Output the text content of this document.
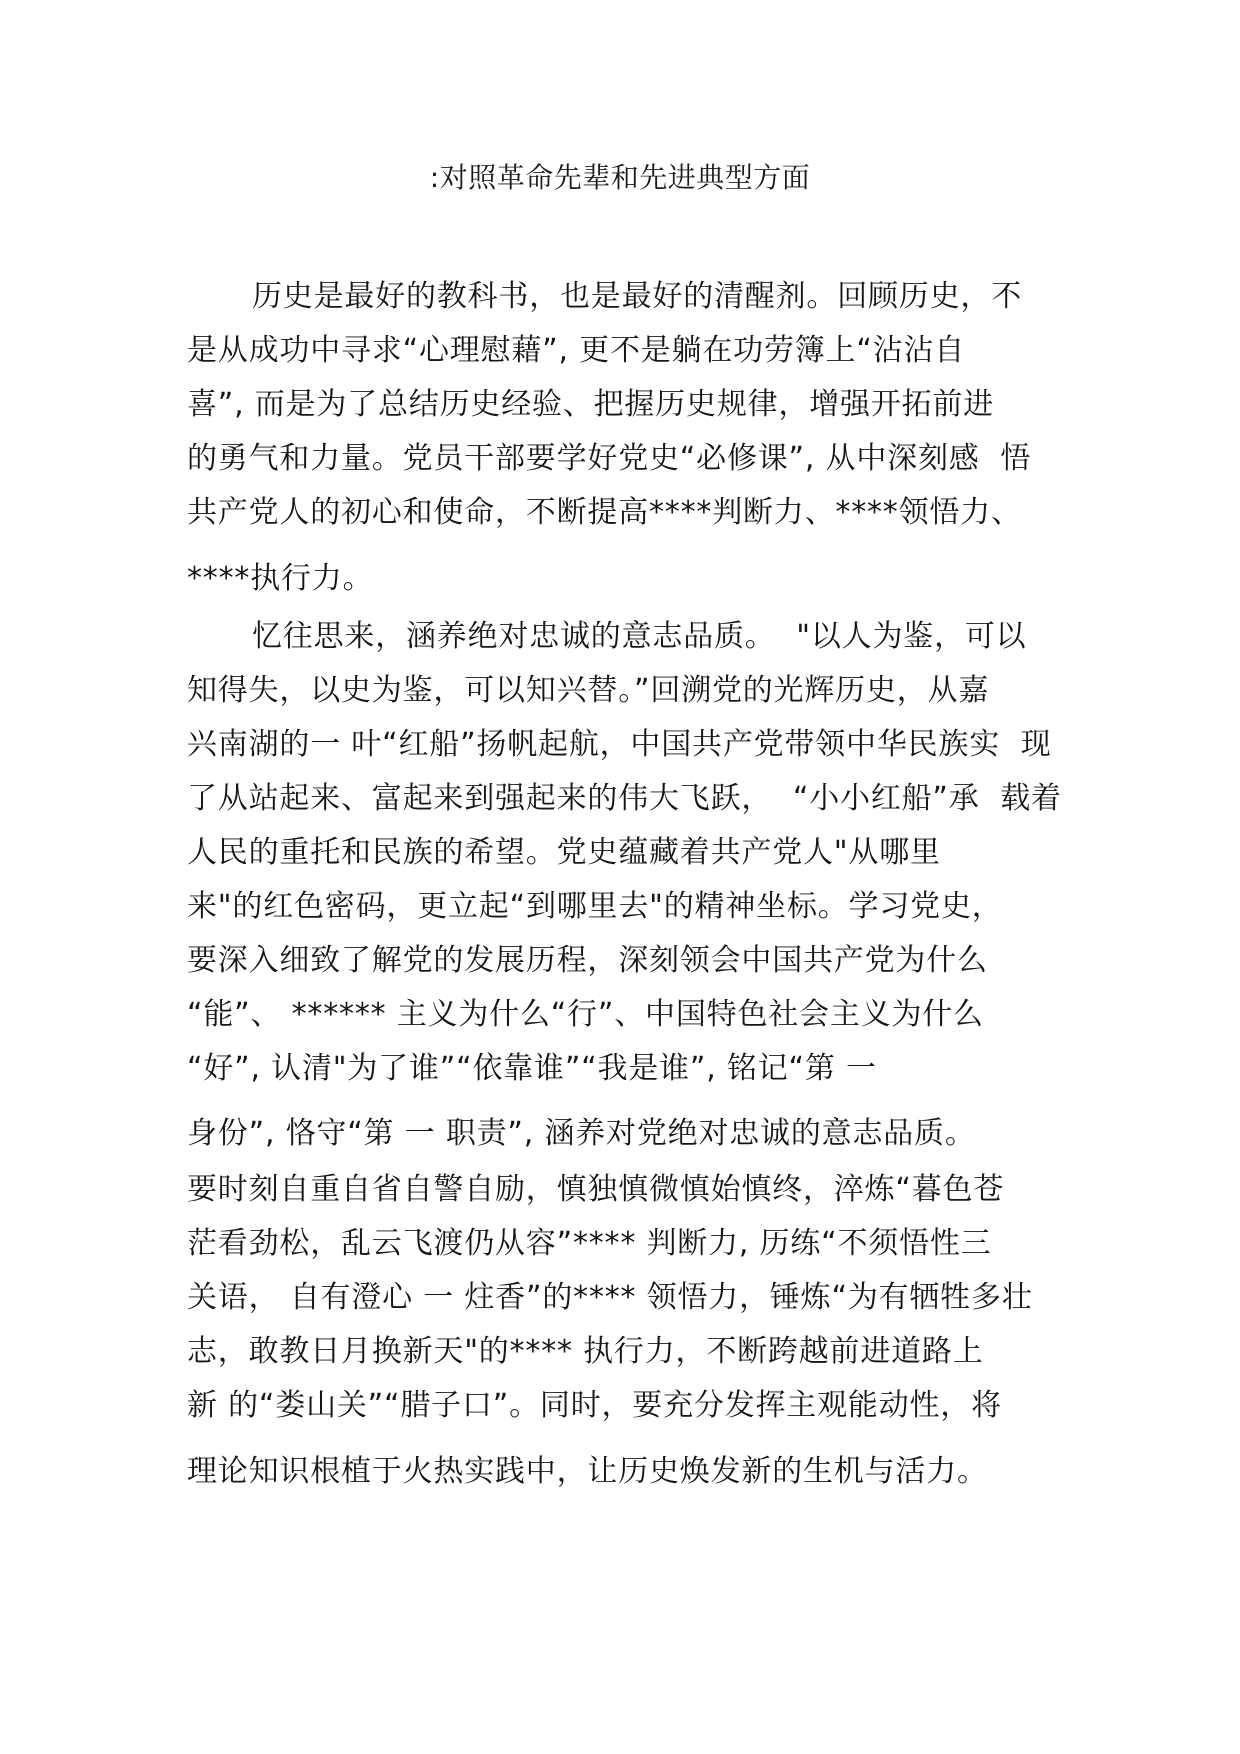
:对照革命先辈和先进典型方面
历史是最好的教科书，也是最好的清醒剂。回顾历史，不
是从成功中寻求“心理慰藉”, 更不是躺在功劳簿上“沾沾自
喜”, 而是为了总结历史经验、把握历史规律，增强开拓前进
的勇气和力量。党员干部要学好党史“必修课”, 从中深刻感  悟
共产党人的初心和使命，不断提高****判断力、****领悟力、
****执行力。
忆往思来，涵养绝对忠诚的意志品质。  "以人为鉴，可以
知得失，以史为鉴，可以知兴替。”回溯党的光辉历史，从嘉
兴南湖的一 叶“红船”扬帆起航，中国共产党带领中华民族实  现
了从站起来、富起来到强起来的伟大飞跃，  “小小红船”承  载着
人民的重托和民族的希望。党史蕴藏着共产党人"从哪里
来"的红色密码，更立起“到哪里去"的精神坐标。学习党史，
要深入细致了解党的发展历程，深刻领会中国共产党为什么
“能”、 ****** 主义为什么“行”、中国特色社会主义为什么
“好”, 认清"为了谁”“依靠谁”“我是谁”, 铭记“第 一
身份”, 恪守“第 一 职责”, 涵养对党绝对忠诚的意志品质。
要时刻自重自省自警自励，慎独慎微慎始慎终，淬炼“暮色苍
茫看劲松，乱云飞渡仍从容”**** 判断力, 历练“不须悟性三
关语， 自有澄心 一 炷香”的**** 领悟力，锤炼“为有牺牲多壮
志，敢教日月换新天"的**** 执行力，不断跨越前进道路上
新 的“娄山关”“腊子口”。同时，要充分发挥主观能动性，将
理论知识根植于火热实践中，让历史焕发新的生机与活力。
